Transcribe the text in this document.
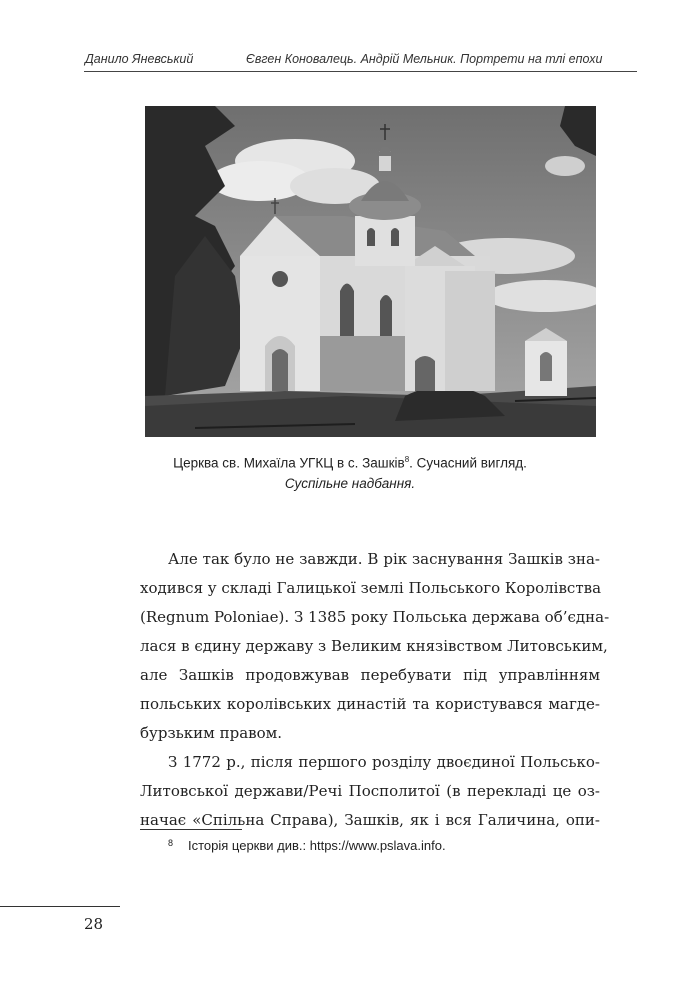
Данило Яневський	Євген Коновалець. Андрій Мельник. Портрети на тлі епохи
Церква св. Михаїла УГКЦ в с. Зашків$^8$. Сучасний вигляд.
Суспільне надбання.
Але так було не завжди. В рік заснування Зашків зна-
ходився у складі Галицької землі Польського Королівства
(Regnum Poloniae). З 1385 року Польська держава об’єдна-
лася в єдину державу з Великим князівством Литовським,
але Зашків продовжував перебувати під управлінням
польських королівських династій та користувався магде-
бурзьким правом.
З 1772 р., після першого розділу двоєдиної Польсько-
Литовської держави/Речі Посполитої (в перекладі це оз-
начає «Спільна Справа), Зашків, як і вся Галичина, опи-
8 Історія церкви див.: https://www.pslava.info.
28
